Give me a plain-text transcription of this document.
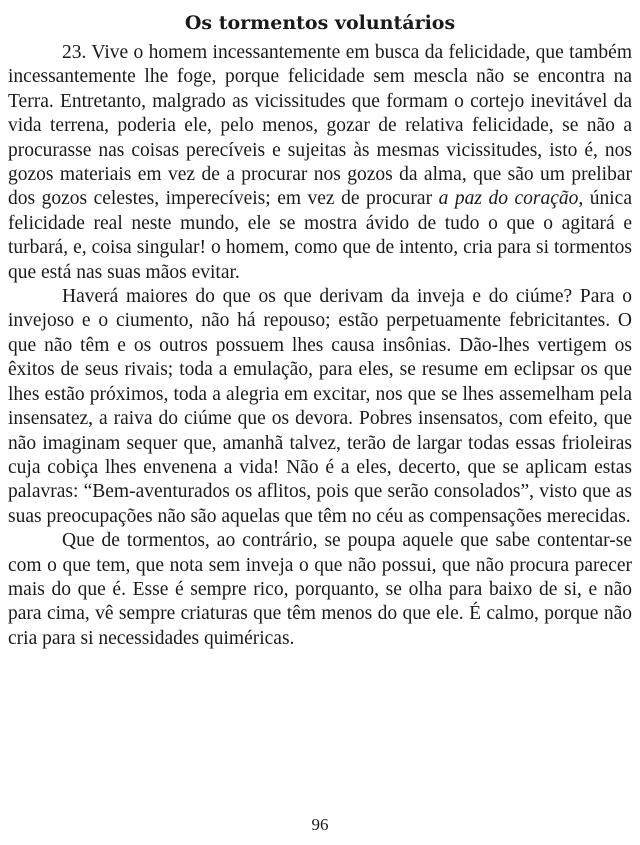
Os tormentos voluntários

23. Vive o homem incessantemente em busca da felicidade, que também incessantemente lhe foge, porque felicidade sem mescla não se encontra na Terra. Entretanto, malgrado as vicissitudes que formam o cortejo inevitável da vida terrena, poderia ele, pelo menos, gozar de relativa felicidade, se não a procurasse nas coisas perecíveis e sujeitas às mesmas vicissitudes, isto é, nos gozos materiais em vez de a procurar nos gozos da alma, que são um prelibar dos gozos celestes, imperecíveis; em vez de procurar a paz do coração, única felicidade real neste mundo, ele se mostra ávido de tudo o que o agitará e turbará, e, coisa singular! o homem, como que de intento, cria para si tormentos que está nas suas mãos evitar.

Haverá maiores do que os que derivam da inveja e do ciúme? Para o invejoso e o ciumento, não há repouso; estão perpetuamente febricitantes. O que não têm e os outros possuem lhes causa insônias. Dão-lhes vertigem os êxitos de seus rivais; toda a emulação, para eles, se resume em eclipsar os que lhes estão próximos, toda a alegria em excitar, nos que se lhes assemelham pela insensatez, a raiva do ciúme que os devora. Pobres insensatos, com efeito, que não imaginam sequer que, amanhã talvez, terão de largar todas essas frioleiras cuja cobiça lhes envenena a vida! Não é a eles, decerto, que se aplicam estas palavras: “Bem-aventurados os aflitos, pois que serão consolados”, visto que as suas preocupações não são aquelas que têm no céu as compensações merecidas.

Que de tormentos, ao contrário, se poupa aquele que sabe contentar-se com o que tem, que nota sem inveja o que não possui, que não procura parecer mais do que é. Esse é sempre rico, porquanto, se olha para baixo de si, e não para cima, vê sempre criaturas que têm menos do que ele. É calmo, porque não cria para si necessidades quiméricas.

96
